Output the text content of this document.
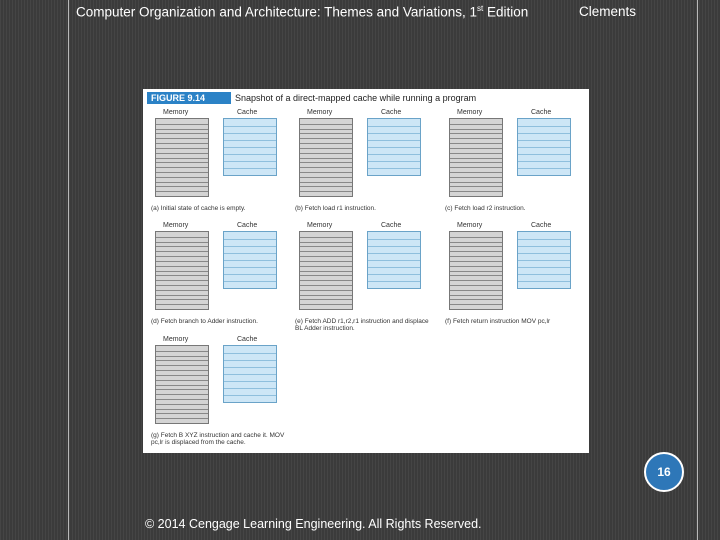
Computer Organization and Architecture: Themes and Variations, 1st Edition	Clements
FIGURE 9.14	Snapshot of a direct-mapped cache while running a program
Memory	Cache
(a) Initial state of cache is empty.
Memory	Cache
(b) Fetch load r1 instruction.
Memory	Cache
(c) Fetch load r2 instruction.
Memory	Cache
(d) Fetch branch to Adder instruction.
Memory	Cache
(e) Fetch ADD r1,r2,r1 instruction and displace BL Adder instruction.
Memory	Cache
(f) Fetch return instruction MOV pc,lr
Memory	Cache
(g) Fetch B XYZ instruction and cache it. MOV pc,lr is displaced from the cache.
16
© 2014 Cengage Learning Engineering. All Rights Reserved.
